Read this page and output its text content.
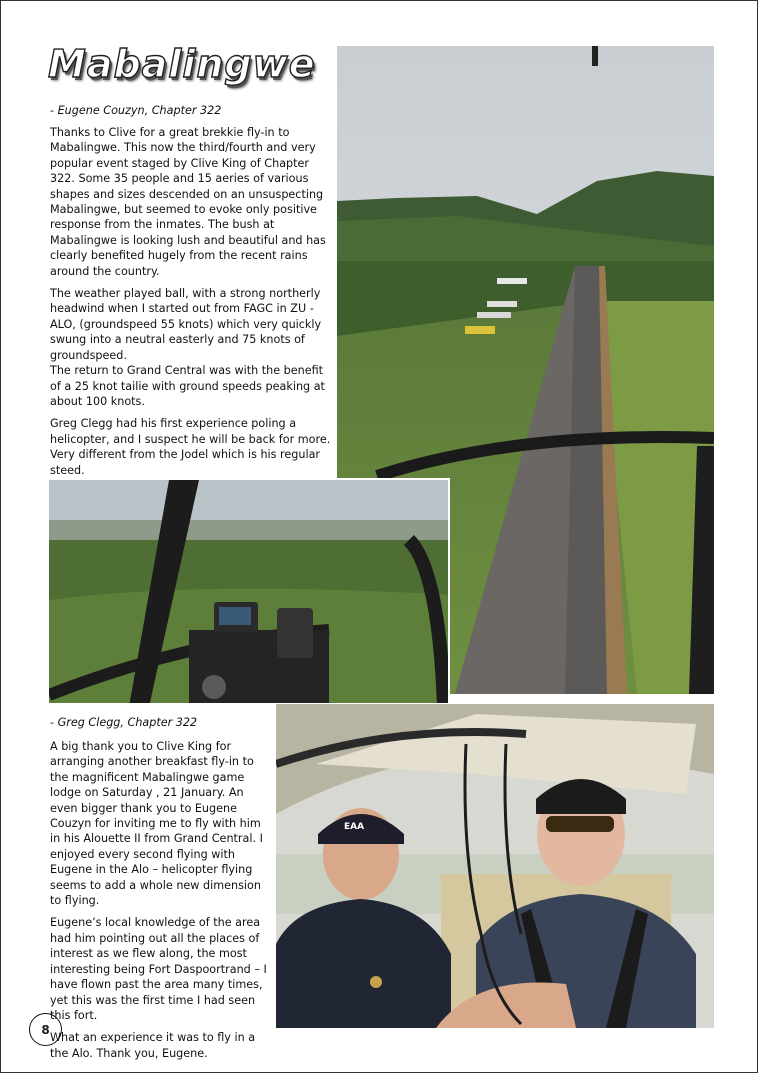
Mabalingwe
- Eugene Couzyn, Chapter 322

Thanks to Clive for a great brekkie fly-in to Mabalingwe. This now the third/fourth and very popular event staged by Clive King of Chapter 322. Some 35 people and 15 aeries of various shapes and sizes descended on an unsuspecting Mabalingwe, but seemed to evoke only positive response from the inmates. The bush at Mabalingwe is looking lush and beautiful and has clearly benefited hugely from the recent rains around the country.

The weather played ball, with a strong northerly headwind when I started out from FAGC in ZU - ALO, (groundspeed 55 knots) which very quickly swung into a neutral easterly and 75 knots of groundspeed.

The return to Grand Central was with the benefit of a 25 knot tailie with ground speeds peaking at about 100 knots.

Greg Clegg had his first experience poling a helicopter, and I suspect he will be back for more. Very different from the Jodel which is his regular steed.

- Greg Clegg, Chapter 322

A big thank you to Clive King for arranging another breakfast fly-in to the magnificent Mabalingwe game lodge on Saturday , 21 January. An even bigger thank you to Eugene Couzyn for inviting me to fly with him in his Alouette II from Grand Central. I enjoyed every second flying with Eugene in the Alo – helicopter flying seems to add a whole new dimension to flying.

Eugene’s local knowledge of the area had him pointing out all the places of interest as we flew along, the most interesting being Fort Daspoortrand – I have flown past the area many times, yet this was the first time I had seen this fort.

What an experience it was to fly in a the Alo. Thank you, Eugene.

EAA
8
